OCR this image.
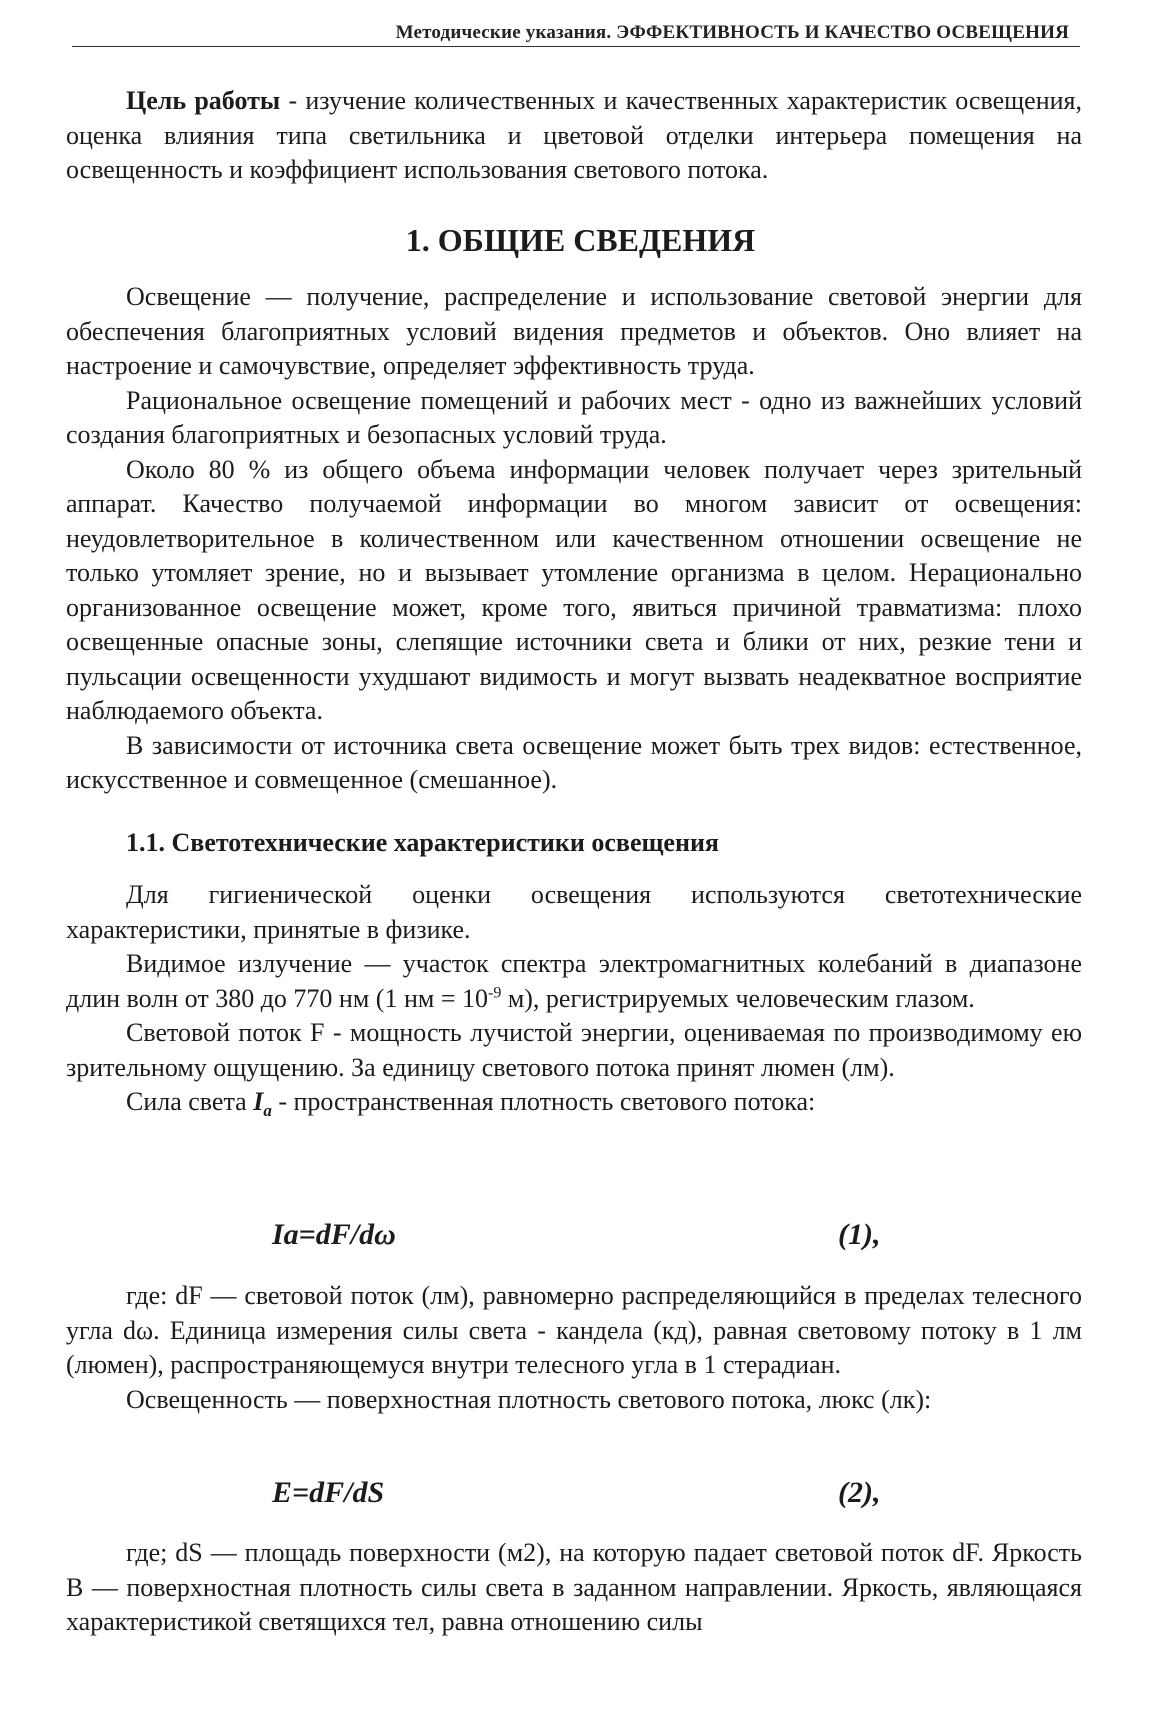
Методические указания. ЭФФЕКТИВНОСТЬ И КАЧЕСТВО ОСВЕЩЕНИЯ

Цель работы - изучение количественных и качественных характеристик освещения, оценка влияния типа светильника и цветовой отделки интерьера помещения на освещенность и коэффициент использования светового потока.

1. ОБЩИЕ СВЕДЕНИЯ

Освещение — получение, распределение и использование световой энергии для обеспечения благоприятных условий видения предметов и объектов. Оно влияет на настроение и самочувствие, определяет эффективность труда.

Рациональное освещение помещений и рабочих мест - одно из важнейших условий создания благоприятных и безопасных условий труда.

Около 80 % из общего объема информации человек получает через зрительный аппарат. Качество получаемой информации во многом зависит от освещения: неудовлетворительное в количественном или качественном отношении освещение не только утомляет зрение, но и вызывает утомление организма в целом. Нерационально организованное освещение может, кроме того, явиться причиной травматизма: плохо освещенные опасные зоны, слепящие источники света и блики от них, резкие тени и пульсации освещенности ухудшают видимость и могут вызвать неадекватное восприятие наблюдаемого объекта.

В зависимости от источника света освещение может быть трех видов: естественное, искусственное и совмещенное (смешанное).

1.1. Светотехнические характеристики освещения

Для гигиенической оценки освещения используются светотехнические характеристики, принятые в физике.

Видимое излучение — участок спектра электромагнитных колебаний в диапазоне длин волн от 380 до 770 нм (1 нм = $10^{-9}$ м), регистрируемых человеческим глазом.

Световой поток F - мощность лучистой энергии, оцениваемая по производимому ею зрительному ощущению. За единицу светового потока принят люмен (лм).

Сила света $I_a$ - пространственная плотность светового потока:

Ia=dF/dω	(1),

где: dF — световой поток (лм), равномерно распределяющийся в пределах телесного угла dω. Единица измерения силы света - кандела (кд), равная световому потоку в 1 лм (люмен), распространяющемуся внутри телесного угла в 1 стерадиан.

Освещенность — поверхностная плотность светового потока, люкс (лк):

E=dF/dS	(2),

где; dS — площадь поверхности (м2), на которую падает световой поток dF. Яркость В — поверхностная плотность силы света в заданном направлении. Яркость, являющаяся характеристикой светящихся тел, равна отношению силы
